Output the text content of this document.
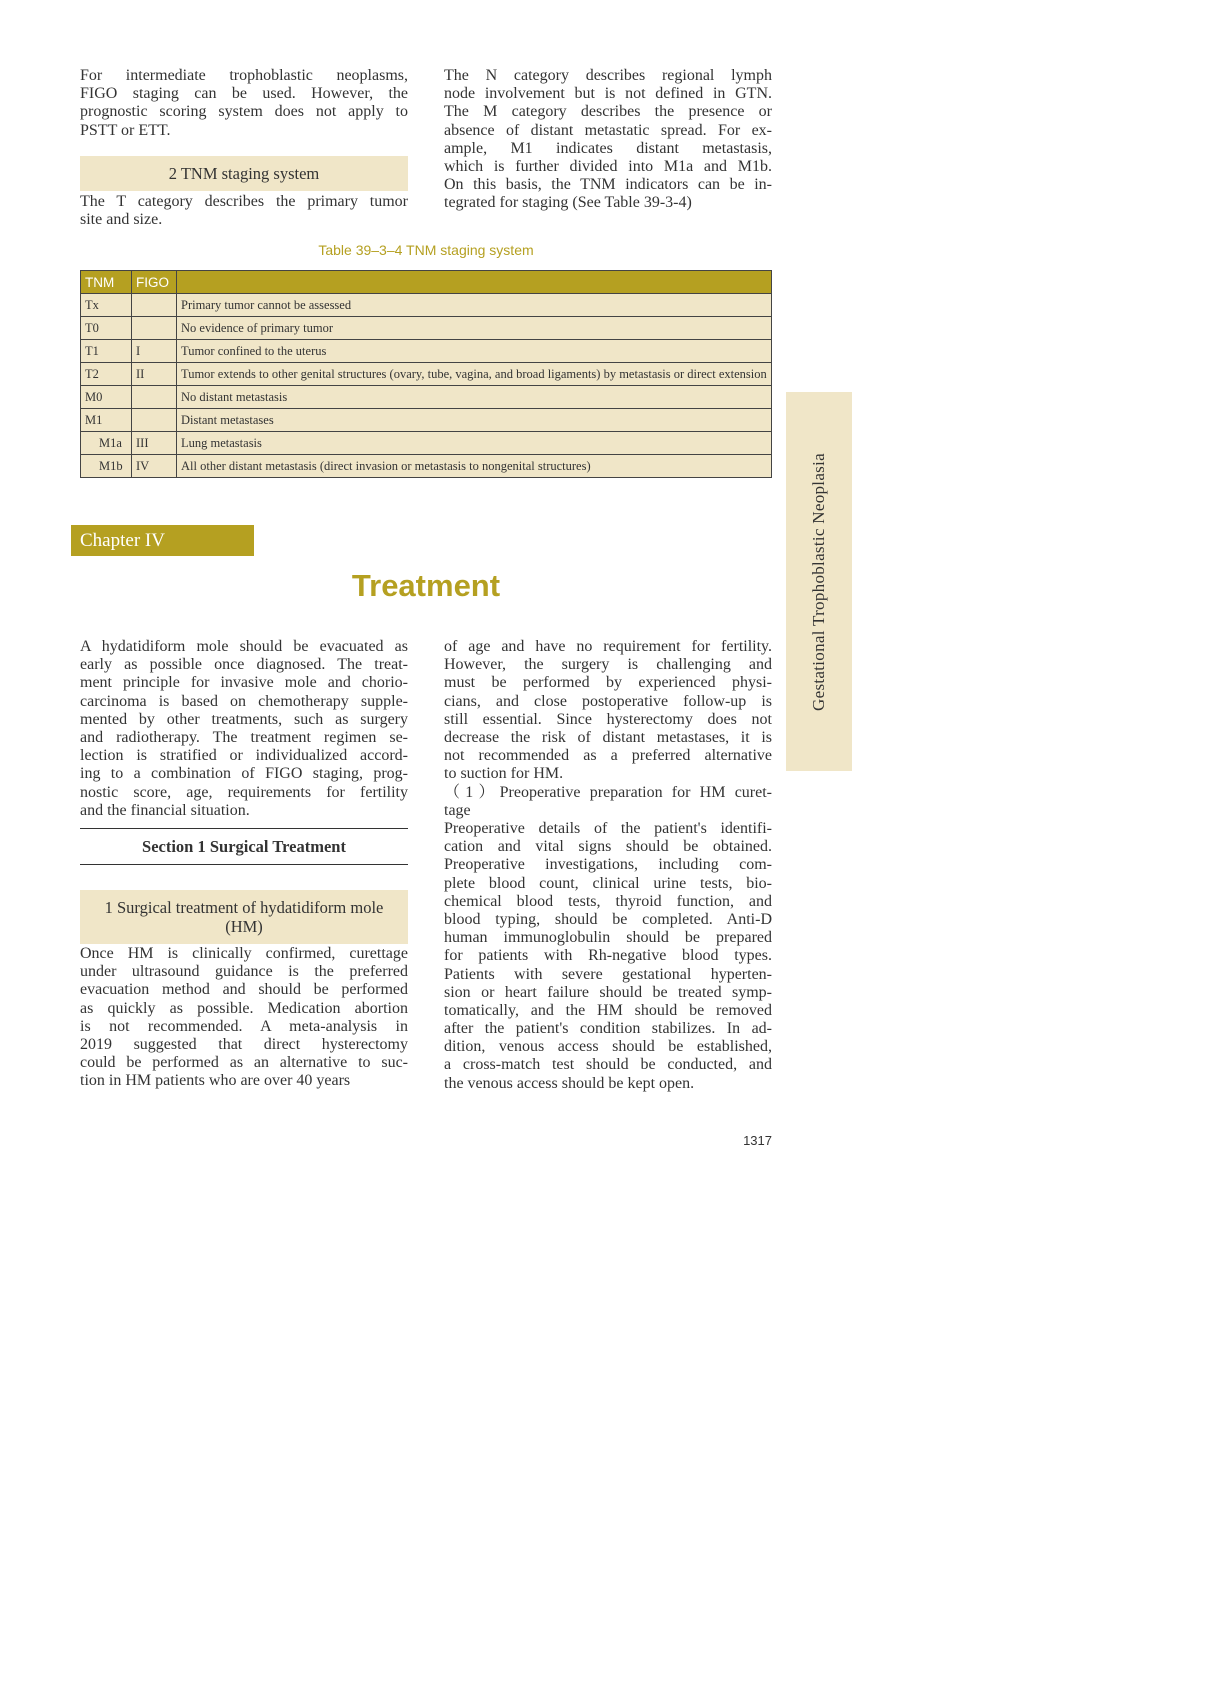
For intermediate trophoblastic neoplasms,
FIGO staging can be used. However, the
prognostic scoring system does not apply to
PSTT or ETT.
2 TNM staging system
The T category describes the primary tumor
site and size.
The N category describes regional lymph
node involvement but is not defined in GTN.
The M category describes the presence or
absence of distant metastatic spread. For ex-
ample, M1 indicates distant metastasis,
which is further divided into M1a and M1b.
On this basis, the TNM indicators can be in-
tegrated for staging (See Table 39-3-4)
Table 39–3–4 TNM staging system
TNM	FIGO	
Tx		Primary tumor cannot be assessed
T0		No evidence of primary tumor
T1	I	Tumor confined to the uterus
T2	II	Tumor extends to other genital structures (ovary, tube, vagina, and broad ligaments) by metastasis or direct extension
M0		No distant metastasis
M1		Distant metastases
M1a	III	Lung metastasis
M1b	IV	All other distant metastasis (direct invasion or metastasis to nongenital structures)
Chapter IV
Treatment
A hydatidiform mole should be evacuated as
early as possible once diagnosed. The treat-
ment principle for invasive mole and chorio-
carcinoma is based on chemotherapy supple-
mented by other treatments, such as surgery
and radiotherapy. The treatment regimen se-
lection is stratified or individualized accord-
ing to a combination of FIGO staging, prog-
nostic score, age, requirements for fertility
and the financial situation.
Section 1 Surgical Treatment
1 Surgical treatment of hydatidiform mole
(HM)
Once HM is clinically confirmed, curettage
under ultrasound guidance is the preferred
evacuation method and should be performed
as quickly as possible. Medication abortion
is not recommended. A meta-analysis in
2019 suggested that direct hysterectomy
could be performed as an alternative to suc-
tion in HM patients who are over 40 years
of age and have no requirement for fertility.
However, the surgery is challenging and
must be performed by experienced physi-
cians, and close postoperative follow-up is
still essential. Since hysterectomy does not
decrease the risk of distant metastases, it is
not recommended as a preferred alternative
to suction for HM.
（1）Preoperative preparation for HM curet-
tage
Preoperative details of the patient's identifi-
cation and vital signs should be obtained.
Preoperative investigations, including com-
plete blood count, clinical urine tests, bio-
chemical blood tests, thyroid function, and
blood typing, should be completed. Anti-D
human immunoglobulin should be prepared
for patients with Rh-negative blood types.
Patients with severe gestational hyperten-
sion or heart failure should be treated symp-
tomatically, and the HM should be removed
after the patient's condition stabilizes. In ad-
dition, venous access should be established,
a cross-match test should be conducted, and
the venous access should be kept open.
Gestational Trophoblastic Neoplasia
1317
